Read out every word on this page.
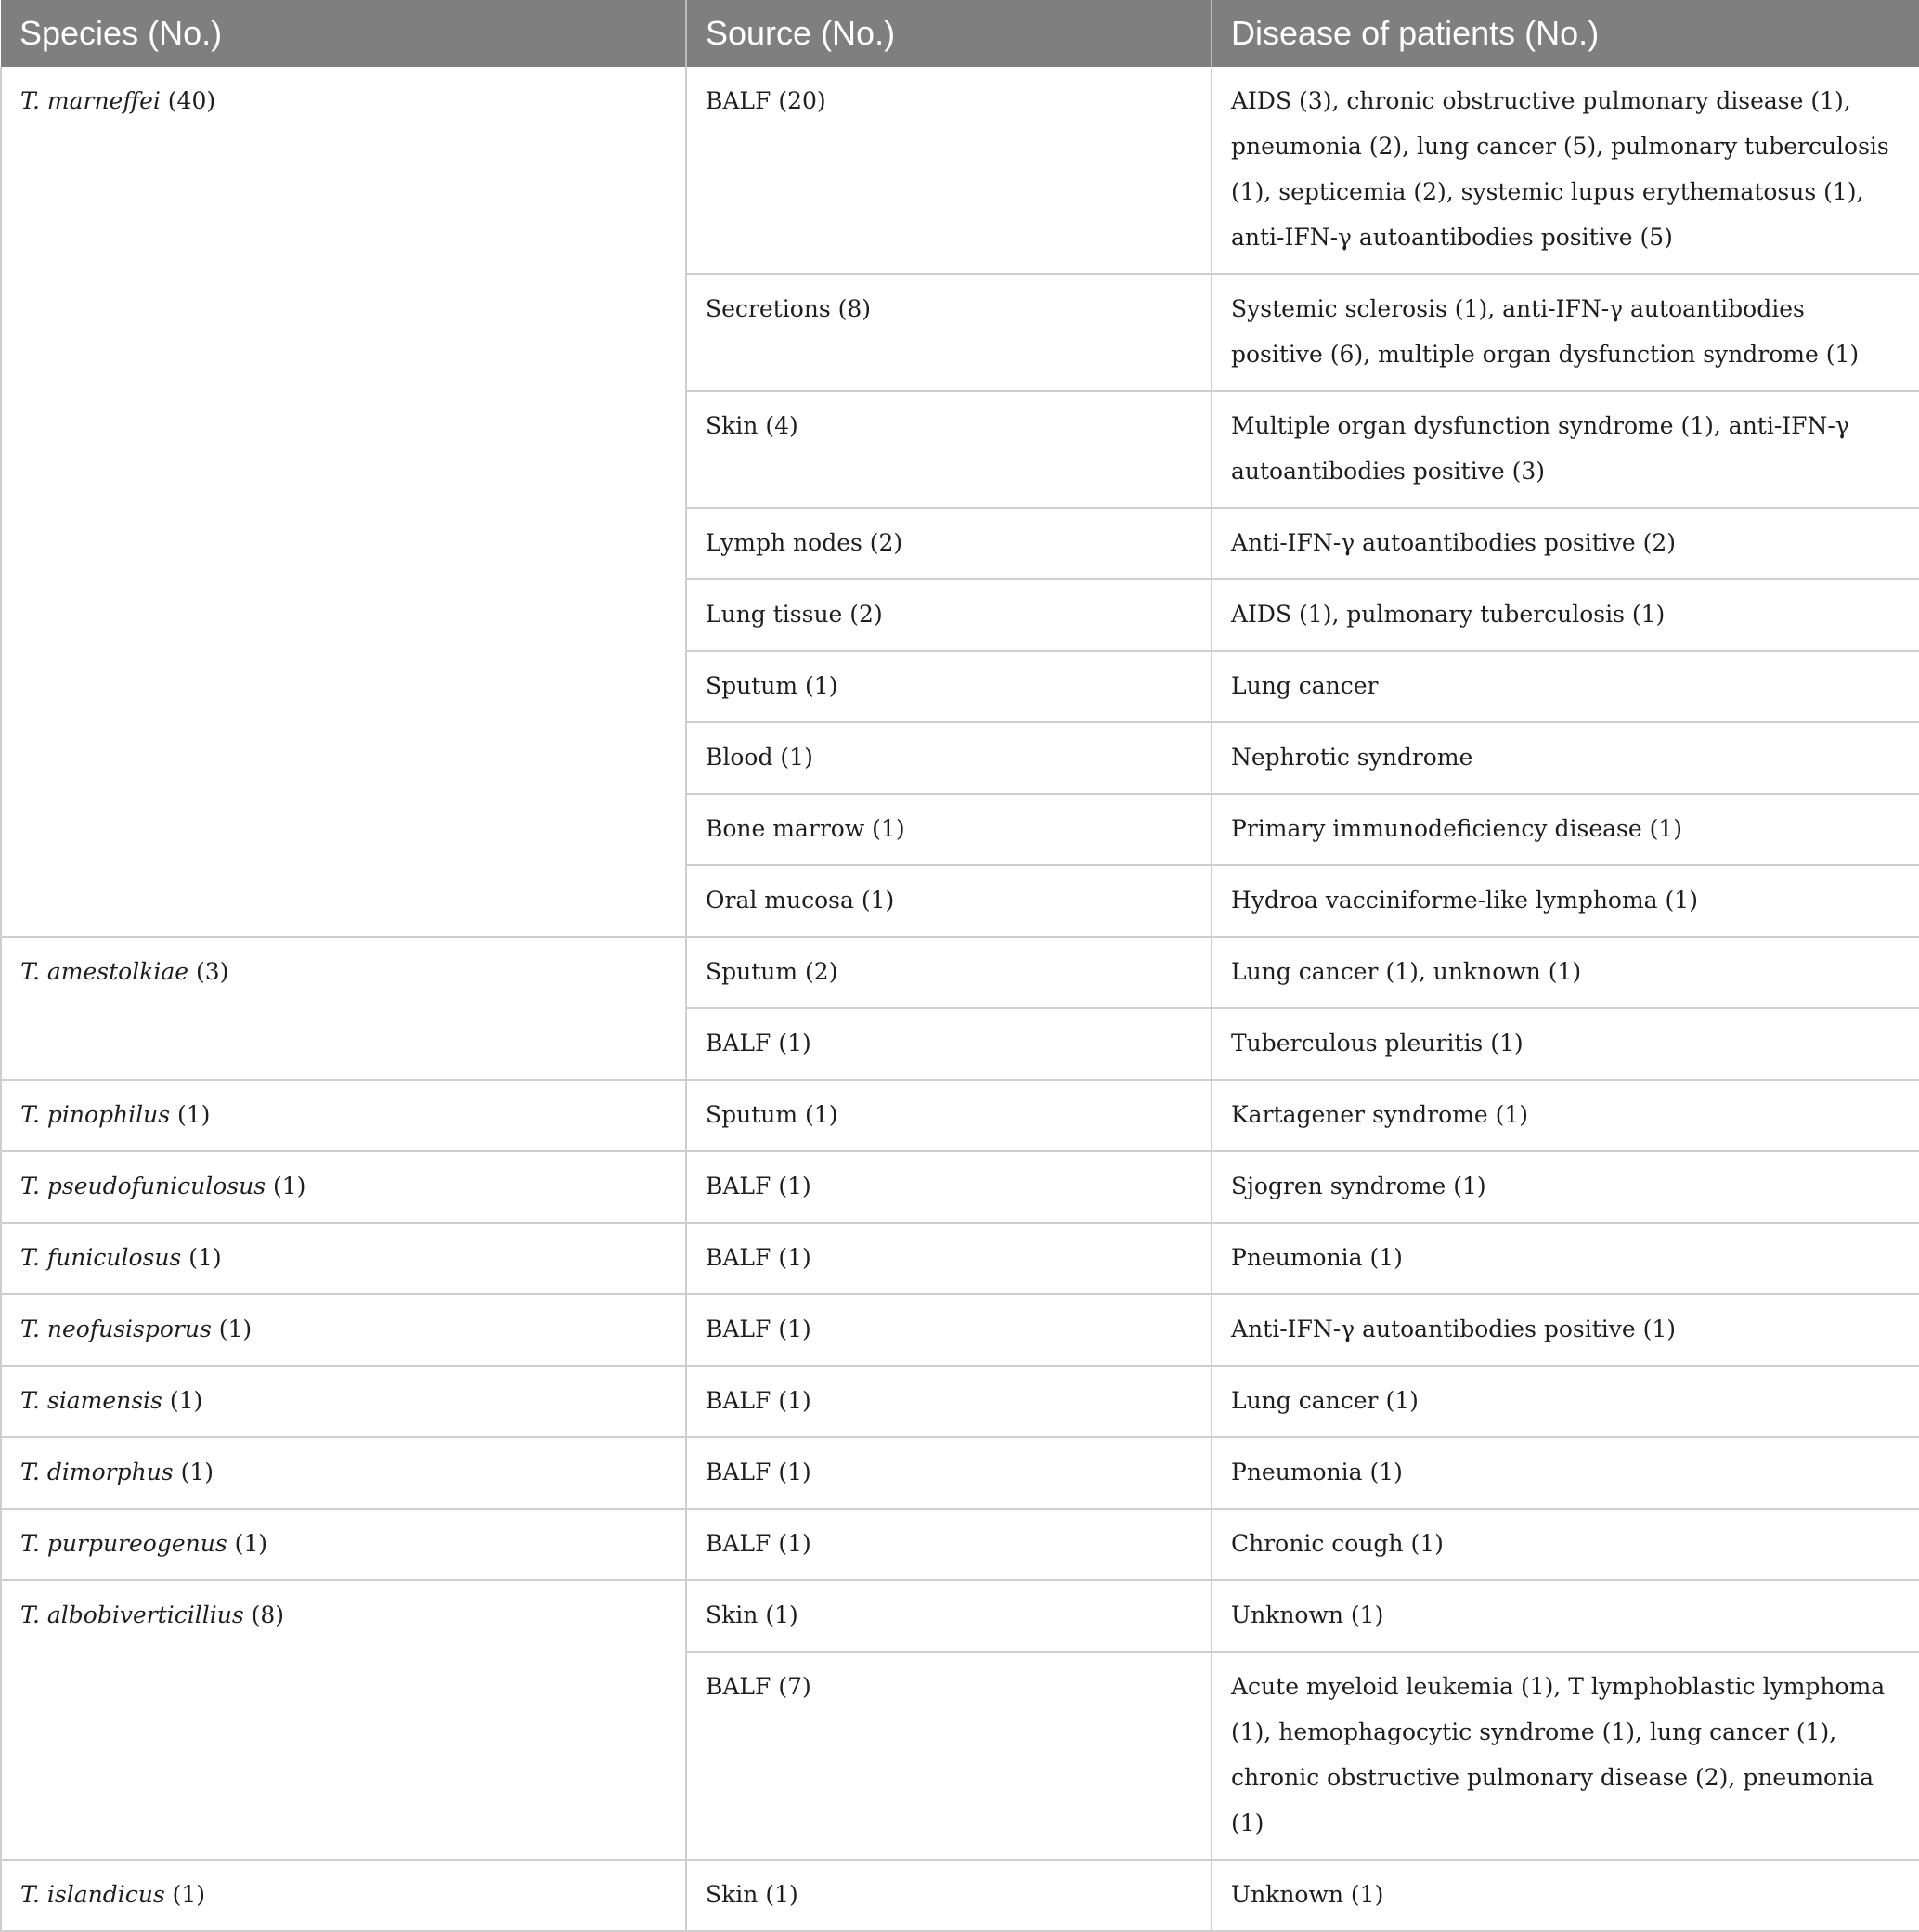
Species (No.)	Source (No.)	Disease of patients (No.)
T. marneffei (40)	BALF (20)	AIDS (3), chronic obstructive pulmonary disease (1), pneumonia (2), lung cancer (5), pulmonary tuberculosis (1), septicemia (2), systemic lupus erythematosus (1), anti-IFN-γ autoantibodies positive (5)
	Secretions (8)	Systemic sclerosis (1), anti-IFN-γ autoantibodies positive (6), multiple organ dysfunction syndrome (1)
	Skin (4)	Multiple organ dysfunction syndrome (1), anti-IFN-γ autoantibodies positive (3)
	Lymph nodes (2)	Anti-IFN-γ autoantibodies positive (2)
	Lung tissue (2)	AIDS (1), pulmonary tuberculosis (1)
	Sputum (1)	Lung cancer
	Blood (1)	Nephrotic syndrome
	Bone marrow (1)	Primary immunodeficiency disease (1)
	Oral mucosa (1)	Hydroa vacciniforme-like lymphoma (1)
T. amestolkiae (3)	Sputum (2)	Lung cancer (1), unknown (1)
	BALF (1)	Tuberculous pleuritis (1)
T. pinophilus (1)	Sputum (1)	Kartagener syndrome (1)
T. pseudofuniculosus (1)	BALF (1)	Sjogren syndrome (1)
T. funiculosus (1)	BALF (1)	Pneumonia (1)
T. neofusisporus (1)	BALF (1)	Anti-IFN-γ autoantibodies positive (1)
T. siamensis (1)	BALF (1)	Lung cancer (1)
T. dimorphus (1)	BALF (1)	Pneumonia (1)
T. purpureogenus (1)	BALF (1)	Chronic cough (1)
T. albobiverticillius (8)	Skin (1)	Unknown (1)
	BALF (7)	Acute myeloid leukemia (1), T lymphoblastic lymphoma (1), hemophagocytic syndrome (1), lung cancer (1), chronic obstructive pulmonary disease (2), pneumonia (1)
T. islandicus (1)	Skin (1)	Unknown (1)
